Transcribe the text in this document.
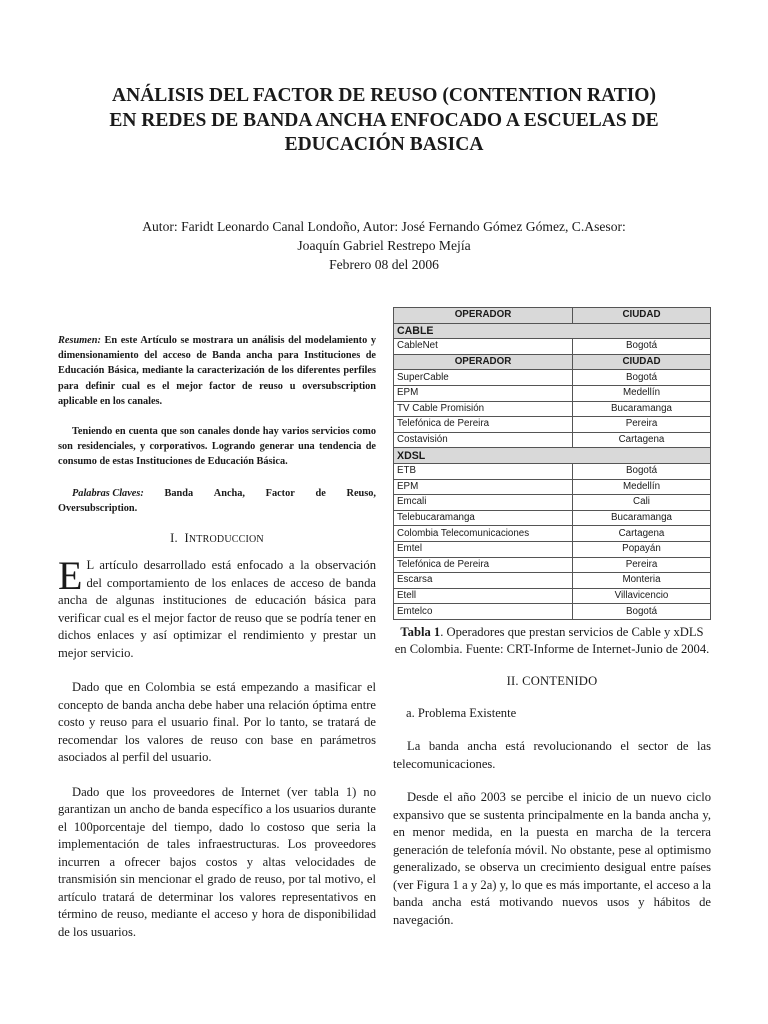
ANÁLISIS DEL FACTOR DE REUSO (CONTENTION RATIO)
EN REDES DE BANDA ANCHA ENFOCADO A ESCUELAS DE
EDUCACIÓN BASICA
Autor: Faridt Leonardo Canal Londoño, Autor: José Fernando Gómez Gómez, C.Asesor:
Joaquín Gabriel Restrepo Mejía
Febrero 08 del 2006

Resumen: En este Artículo se mostrara un análisis del modelamiento y dimensionamiento del acceso de Banda ancha para Instituciones de Educación Básica, mediante la caracterización de los diferentes perfiles para definir cual es el mejor factor de reuso u oversubscription aplicable en los canales.

Teniendo en cuenta que son canales donde hay varios servicios como son residenciales, y corporativos. Logrando generar una tendencia de consumo de estas Instituciones de Educación Básica.

Palabras Claves: Banda Ancha, Factor de Reuso,
Oversubscription.
I. INTRODUCCION

E L artículo desarrollado está enfocado a la observación del comportamiento de los enlaces de acceso de banda ancha de algunas instituciones de educación básica para verificar cual es el mejor factor de reuso que se podría tener en dichos enlaces y así optimizar el rendimiento y prestar un mejor servicio.

Dado que en Colombia se está empezando a masificar el concepto de banda ancha debe haber una relación óptima entre costo y reuso para el usuario final. Por lo tanto, se tratará de recomendar los valores de reuso con base en parámetros asociados al perfil del usuario.

Dado que los proveedores de Internet (ver tabla 1) no garantizan un ancho de banda específico a los usuarios durante el 100porcentaje del tiempo, dado lo costoso que seria la implementación de tales infraestructuras. Los proveedores incurren a ofrecer bajos costos y altas velocidades de transmisión sin mencionar el grado de reuso, por tal motivo, el artículo tratará de determinar los valores representativos en término de reuso, mediante el acceso y hora de disponibilidad de los usuarios.

OPERADOR	CIUDAD
CABLE	
CableNet	Bogotá
OPERADOR	CIUDAD
SuperCable	Bogotá
EPM	Medellín
TV Cable Promisión	Bucaramanga
Telefónica de Pereira	Pereira
Costavisión	Cartagena
XDSL	
ETB	Bogotá
EPM	Medellín
Emcali	Cali
Telebucaramanga	Bucaramanga
Colombia Telecomunicaciones	Cartagena
Emtel	Popayán
Telefónica de Pereira	Pereira
Escarsa	Monteria
Etell	Villavicencio
Emtelco	Bogotá

Tabla 1. Operadores que prestan servicios de Cable y xDLS en Colombia. Fuente: CRT-Informe de Internet-Junio de 2004.

II. CONTENIDO

a. Problema Existente

La banda ancha está revolucionando el sector de las telecomunicaciones.

Desde el año 2003 se percibe el inicio de un nuevo ciclo expansivo que se sustenta principalmente en la banda ancha y, en menor medida, en la puesta en marcha de la tercera generación de telefonía móvil. No obstante, pese al optimismo generalizado, se observa un crecimiento desigual entre países (ver Figura 1 a y 2a) y, lo que es más importante, el acceso a la banda ancha está motivando nuevos usos y hábitos de navegación.
